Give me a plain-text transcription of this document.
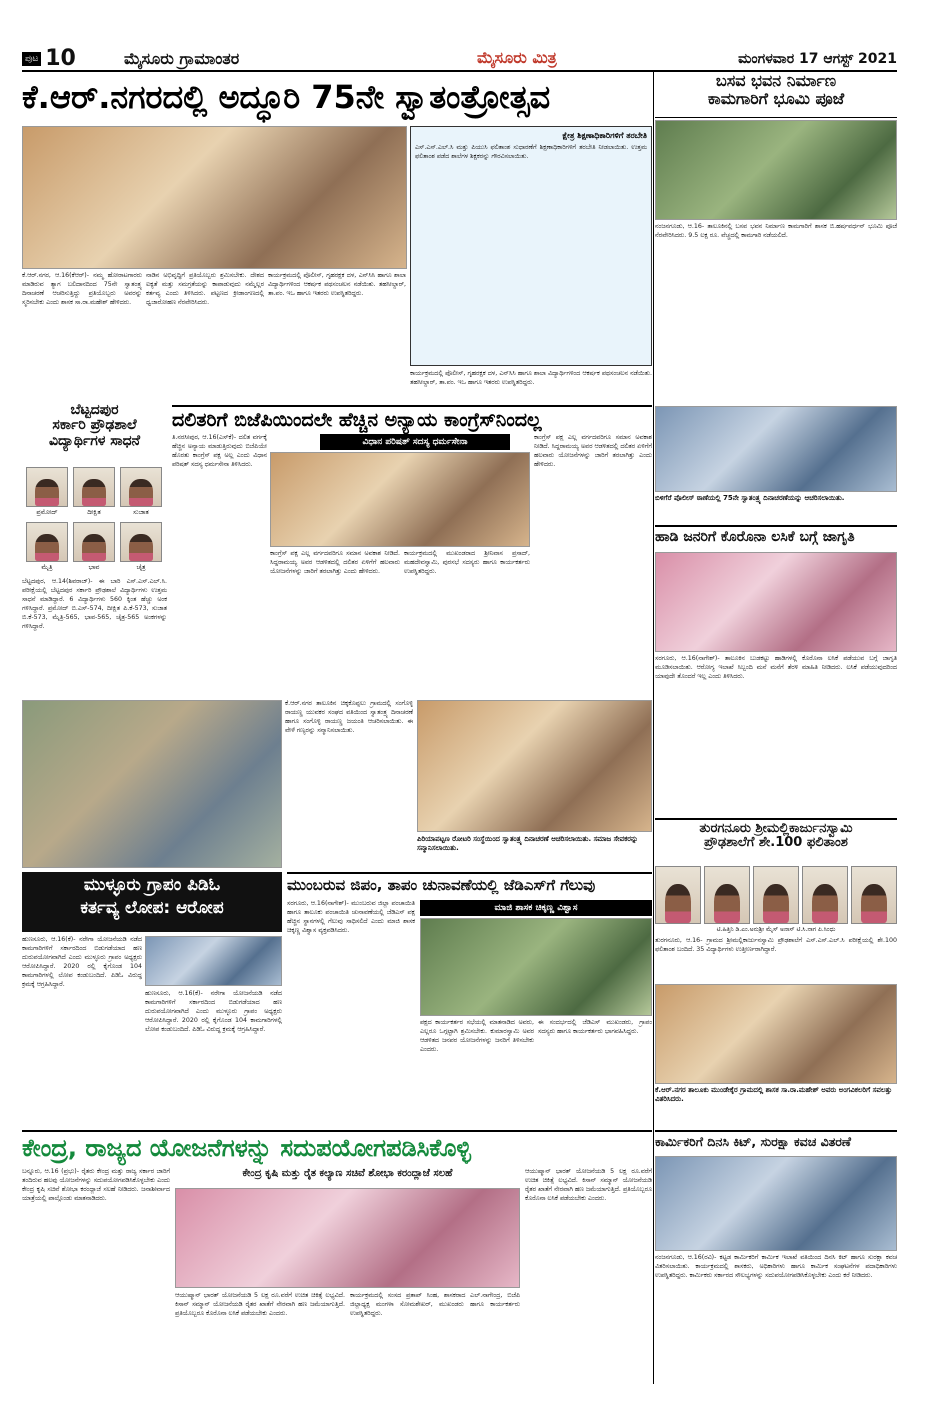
ಪುಟ 10	ಮೈಸೂರು ಗ್ರಾಮಾಂತರ	ಮೈಸೂರು ಮಿತ್ರ	ಮಂಗಳವಾರ 17 ಆಗಸ್ಟ್ 2021
ಕೆ.ಆರ್.ನಗರದಲ್ಲಿ ಅದ್ಧೂರಿ 75ನೇ ಸ್ವಾತಂತ್ರೋತ್ಸವ
ಕ್ಷೇತ್ರ ಶಿಕ್ಷಣಾಧಿಕಾರಿಗಳಿಗೆ ತರಬೇತಿ
ಎಸ್.ಎಸ್.ಎಲ್.ಸಿ ಮತ್ತು ಪಿಯುಸಿ ಫಲಿತಾಂಶ ಸುಧಾರಣೆಗೆ ಶಿಕ್ಷಣಾಧಿಕಾರಿಗಳಿಗೆ ತರಬೇತಿ ನೀಡಲಾಯಿತು. ಉತ್ತಮ ಫಲಿತಾಂಶ ಪಡೆದ ಶಾಲೆಗಳ ಶಿಕ್ಷಕರನ್ನು ಗೌರವಿಸಲಾಯಿತು.
ಕೆ.ಆರ್.ನಗರ, ಆ.16(ಕೆಆರ್)- ನಮ್ಮ ಹೋರಾಟಗಾರರು ಮಾಡಿರುವ ತ್ಯಾಗ ಬಲಿದಾನದಿಂದ 75ನೇ ಸ್ವಾತಂತ್ರ್ಯ ದಿನಾಚರಣೆ ಆಚರಿಸುತ್ತಿದ್ದು ಪ್ರತಿಯೊಬ್ಬರು ಅವರನ್ನು ಸ್ಮರಿಸಬೇಕು ಎಂದು ಶಾಸಕ ಸಾ.ರಾ.ಮಹೇಶ್ ಹೇಳಿದರು.
ನಾಡಿನ ಅಭಿವೃದ್ಧಿಗೆ ಪ್ರತಿಯೊಬ್ಬರು ಶ್ರಮಿಸಬೇಕು. ದೇಶದ ಐಕ್ಯತೆ ಮತ್ತು ಸಮಗ್ರತೆಯನ್ನು ಕಾಪಾಡುವುದು ನಮ್ಮೆಲ್ಲರ ಕರ್ತವ್ಯ ಎಂದು ತಿಳಿಸಿದರು. ಪಟ್ಟಣದ ಕ್ರೀಡಾಂಗಣದಲ್ಲಿ ಧ್ವಜಾರೋಹಣ ನೆರವೇರಿಸಿದರು.
ಕಾರ್ಯಕ್ರಮದಲ್ಲಿ ಪೊಲೀಸ್, ಗೃಹರಕ್ಷಕ ದಳ, ಎನ್‌ಸಿಸಿ ಹಾಗೂ ಶಾಲಾ ವಿದ್ಯಾರ್ಥಿಗಳಿಂದ ಆಕರ್ಷಕ ಪಥಸಂಚಲನ ನಡೆಯಿತು. ತಹಸೀಲ್ದಾರ್, ತಾ.ಪಂ. ಇಒ ಹಾಗೂ ಇತರರು ಉಪಸ್ಥಿತರಿದ್ದರು.
ಕಾರ್ಯಕ್ರಮದಲ್ಲಿ ಪೊಲೀಸ್, ಗೃಹರಕ್ಷಕ ದಳ, ಎನ್‌ಸಿಸಿ ಹಾಗೂ ಶಾಲಾ ವಿದ್ಯಾರ್ಥಿಗಳಿಂದ ಆಕರ್ಷಕ ಪಥಸಂಚಲನ ನಡೆಯಿತು. ತಹಸೀಲ್ದಾರ್, ತಾ.ಪಂ. ಇಒ ಹಾಗೂ ಇತರರು ಉಪಸ್ಥಿತರಿದ್ದರು.
ಬಸವ ಭವನ ನಿರ್ಮಾಣ
ಕಾಮಗಾರಿಗೆ ಭೂಮಿ ಪೂಜೆ
ನಂಜನಗೂಡು, ಆ.16- ತಾಲೂಕಿನಲ್ಲಿ ಬಸವ ಭವನ ನಿರ್ಮಾಣ ಕಾಮಗಾರಿಗೆ ಶಾಸಕ ಬಿ.ಹರ್ಷವರ್ಧನ್ ಭೂಮಿ ಪೂಜೆ ನೆರವೇರಿಸಿದರು. 9.5 ಲಕ್ಷ ರೂ. ವೆಚ್ಚದಲ್ಲಿ ಕಾಮಗಾರಿ ನಡೆಯಲಿದೆ.
ಬಿಳಿಗೆರೆ ಪೊಲೀಸ್ ಠಾಣೆಯಲ್ಲಿ 75ನೇ ಸ್ವಾತಂತ್ರ್ಯ ದಿನಾಚರಣೆಯನ್ನು ಆಚರಿಸಲಾಯಿತು.
ಬೆಟ್ಟದಪುರ
ಸರ್ಕಾರಿ ಪ್ರೌಢಶಾಲೆ
ವಿದ್ಯಾರ್ಥಿಗಳ ಸಾಧನೆ
ಪ್ರಮೋದ್	ದೀಕ್ಷಿತ	ಸುಜಾತ
ಮೈತ್ರಿ	ಭಾವ	ಚೈತ್ರ
ಬೆಟ್ಟದಪುರ, ಆ.14(ಶಿವರಾಜ್)- ಈ ಬಾರಿ ಎಸ್.ಎಸ್.ಎಲ್.ಸಿ. ಪರೀಕ್ಷೆಯಲ್ಲಿ ಬೆಟ್ಟದಪುರ ಸರ್ಕಾರಿ ಪ್ರೌಢಶಾಲೆ ವಿದ್ಯಾರ್ಥಿಗಳು ಉತ್ತಮ ಸಾಧನೆ ಮಾಡಿದ್ದಾರೆ. 6 ವಿದ್ಯಾರ್ಥಿಗಳು 560 ಕ್ಕಿಂತ ಹೆಚ್ಚು ಅಂಕ ಗಳಿಸಿದ್ದಾರೆ. ಪ್ರಮೋದ್ ಬಿ.ಎಸ್-574, ದೀಕ್ಷಿತ ಪಿ.ಕೆ-573, ಸುಜಾತ ಬಿ.ಕೆ-573, ಮೈತ್ರಿ-565, ಭಾವ-565, ಚೈತ್ರ-565 ಅಂಕಗಳನ್ನು ಗಳಿಸಿದ್ದಾರೆ.
ದಲಿತರಿಗೆ ಬಿಜೆಪಿಯಿಂದಲೇ ಹೆಚ್ಚಿನ ಅನ್ಯಾಯ ಕಾಂಗ್ರೆಸ್‌ನಿಂದಲ್ಲ
ವಿಧಾನ ಪರಿಷತ್ ಸದಸ್ಯ ಧರ್ಮಸೇನಾ
ತಿ.ನರಸೀಪುರ, ಆ.16(ಎಸ್‌ಕೆ)- ದಲಿತ ವರ್ಗಕ್ಕೆ ಹೆಚ್ಚಿನ ಅನ್ಯಾಯ ಮಾಡುತ್ತಿರುವುದು ಬಿಜೆಪಿಯೇ ಹೊರತು ಕಾಂಗ್ರೆಸ್ ಪಕ್ಷ ಅಲ್ಲ ಎಂದು ವಿಧಾನ ಪರಿಷತ್ ಸದಸ್ಯ ಧರ್ಮಸೇನಾ ತಿಳಿಸಿದರು.
ಕಾಂಗ್ರೆಸ್ ಪಕ್ಷ ಎಲ್ಲ ವರ್ಗದವರಿಗೂ ಸಮಾನ ಅವಕಾಶ ನೀಡಿದೆ. ಸಿದ್ದರಾಮಯ್ಯ ಅವರ ಆಡಳಿತದಲ್ಲಿ ದಲಿತರ ಏಳಿಗೆಗೆ ಹಲವಾರು ಯೋಜನೆಗಳನ್ನು ಜಾರಿಗೆ ತರಲಾಗಿತ್ತು ಎಂದು ಹೇಳಿದರು.
ಕಾರ್ಯಕ್ರಮದಲ್ಲಿ ಮುಖಂಡರಾದ ಶ್ರೀನಿವಾಸ ಪ್ರಸಾದ್, ಮಹದೇವಸ್ವಾಮಿ, ಪುರಸಭೆ ಸದಸ್ಯರು ಹಾಗೂ ಕಾರ್ಯಕರ್ತರು ಉಪಸ್ಥಿತರಿದ್ದರು.
ಕಾಂಗ್ರೆಸ್ ಪಕ್ಷ ಎಲ್ಲ ವರ್ಗದವರಿಗೂ ಸಮಾನ ಅವಕಾಶ ನೀಡಿದೆ. ಸಿದ್ದರಾಮಯ್ಯ ಅವರ ಆಡಳಿತದಲ್ಲಿ ದಲಿತರ ಏಳಿಗೆಗೆ ಹಲವಾರು ಯೋಜನೆಗಳನ್ನು ಜಾರಿಗೆ ತರಲಾಗಿತ್ತು ಎಂದು ಹೇಳಿದರು.
ಕೆ.ಆರ್.ನಗರ ತಾಲೂಕಿನ ಚಿಕ್ಕಕೊಪ್ಪಲು ಗ್ರಾಮದಲ್ಲಿ ಸಂಗೊಳ್ಳಿ ರಾಯಣ್ಣ ಯುವಕರ ಸಂಘದ ವತಿಯಿಂದ ಸ್ವಾತಂತ್ರ್ಯ ದಿನಾಚರಣೆ ಹಾಗೂ ಸಂಗೊಳ್ಳಿ ರಾಯಣ್ಣ ಜಯಂತಿ ಆಚರಿಸಲಾಯಿತು. ಈ ವೇಳೆ ಗಣ್ಯರನ್ನು ಸನ್ಮಾನಿಸಲಾಯಿತು.
ಪಿರಿಯಾಪಟ್ಟಣ ರೋಟರಿ ಸಂಸ್ಥೆಯಿಂದ ಸ್ವಾತಂತ್ರ್ಯ ದಿನಾಚರಣೆ ಆಚರಿಸಲಾಯಿತು. ಸಮಾಜ ಸೇವಕರನ್ನು ಸನ್ಮಾನಿಸಲಾಯಿತು.
ಹಾಡಿ ಜನರಿಗೆ ಕೊರೊನಾ ಲಸಿಕೆ ಬಗ್ಗೆ ಜಾಗೃತಿ
ಸರಗೂರು, ಆ.16(ನಾಗೇಶ್)- ತಾಲೂಕಿನ ಬುಡಕಟ್ಟು ಹಾಡಿಗಳಲ್ಲಿ ಕೊರೊನಾ ಲಸಿಕೆ ಪಡೆಯುವ ಬಗ್ಗೆ ಜಾಗೃತಿ ಮೂಡಿಸಲಾಯಿತು. ಆರೋಗ್ಯ ಇಲಾಖೆ ಸಿಬ್ಬಂದಿ ಮನೆ ಮನೆಗೆ ತೆರಳಿ ಮಾಹಿತಿ ನೀಡಿದರು. ಲಸಿಕೆ ಪಡೆಯುವುದರಿಂದ ಯಾವುದೇ ತೊಂದರೆ ಇಲ್ಲ ಎಂದು ತಿಳಿಸಿದರು.
ತುರಗನೂರು ಶ್ರೀಮಲ್ಲಿಕಾರ್ಜುನಸ್ವಾಮಿ
ಪ್ರೌಢಶಾಲೆಗೆ ಶೇ.100 ಫಲಿತಾಂಶ
ಟಿ.ಹಿತ್ತಿನಿ ಡಿ.ಎಂ.ಅನುಶ್ರೀ ಮೈಸ್ ಅನಾಸ್ ಟಿ.ಸಿ.ನಾಗ ಪಿ.ಸಿಂಧು
ತುರಗನೂರು, ಆ.16- ಗ್ರಾಮದ ಶ್ರೀಮಲ್ಲಿಕಾರ್ಜುನಸ್ವಾಮಿ ಪ್ರೌಢಶಾಲೆಗೆ ಎಸ್.ಎಸ್.ಎಲ್.ಸಿ ಪರೀಕ್ಷೆಯಲ್ಲಿ ಶೇ.100 ಫಲಿತಾಂಶ ಬಂದಿದೆ. 35 ವಿದ್ಯಾರ್ಥಿಗಳು ಉತ್ತೀರ್ಣರಾಗಿದ್ದಾರೆ.
ಕೆ.ಆರ್.ನಗರ ತಾಲೂಕು ಮುಂಡೇಕ್ಕೆರ ಗ್ರಾಮದಲ್ಲಿ ಶಾಸಕ ಸಾ.ರಾ.ಮಹೇಶ್ ಅವರು ಅಂಗವಿಕಲರಿಗೆ ಸವಲತ್ತು ವಿತರಿಸಿದರು.
ಮುಳ್ಳೂರು ಗ್ರಾಪಂ ಪಿಡಿಓ
ಕರ್ತವ್ಯ ಲೋಪ: ಆರೋಪ
ಹುಣಸೂರು, ಆ.16(ಕೆ)- ನರೇಗಾ ಯೋಜನೆಯಡಿ ನಡೆದ ಕಾಮಗಾರಿಗಳಿಗೆ ಸರ್ಕಾರದಿಂದ ಬಿಡುಗಡೆಯಾದ ಹಣ ದುರುಪಯೋಗವಾಗಿದೆ ಎಂದು ಮುಳ್ಳೂರು ಗ್ರಾಪಂ ಅಧ್ಯಕ್ಷರು ಆರೋಪಿಸಿದ್ದಾರೆ. 2020 ರಲ್ಲಿ ಕೈಗೊಂಡ 104 ಕಾಮಗಾರಿಗಳಲ್ಲಿ ಲೋಪ ಕಂಡುಬಂದಿದೆ. ಪಿಡಿಓ ವಿರುದ್ಧ ಕ್ರಮಕ್ಕೆ ಆಗ್ರಹಿಸಿದ್ದಾರೆ.
ಹುಣಸೂರು, ಆ.16(ಕೆ)- ನರೇಗಾ ಯೋಜನೆಯಡಿ ನಡೆದ ಕಾಮಗಾರಿಗಳಿಗೆ ಸರ್ಕಾರದಿಂದ ಬಿಡುಗಡೆಯಾದ ಹಣ ದುರುಪಯೋಗವಾಗಿದೆ ಎಂದು ಮುಳ್ಳೂರು ಗ್ರಾಪಂ ಅಧ್ಯಕ್ಷರು ಆರೋಪಿಸಿದ್ದಾರೆ. 2020 ರಲ್ಲಿ ಕೈಗೊಂಡ 104 ಕಾಮಗಾರಿಗಳಲ್ಲಿ ಲೋಪ ಕಂಡುಬಂದಿದೆ. ಪಿಡಿಓ ವಿರುದ್ಧ ಕ್ರಮಕ್ಕೆ ಆಗ್ರಹಿಸಿದ್ದಾರೆ.
ಮುಂಬರುವ ಜಿಪಂ, ತಾಪಂ ಚುನಾವಣೆಯಲ್ಲಿ ಜೆಡಿಎಸ್‌ಗೆ ಗೆಲುವು
ಮಾಜಿ ಶಾಸಕ ಚಿಕ್ಕಣ್ಣ ವಿಶ್ವಾಸ
ಸರಗೂರು, ಆ.16(ನಾಗೇಶ್)- ಮುಂಬರುವ ಜಿಲ್ಲಾ ಪಂಚಾಯಿತಿ ಹಾಗೂ ತಾಲೂಕು ಪಂಚಾಯಿತಿ ಚುನಾವಣೆಯಲ್ಲಿ ಜೆಡಿಎಸ್ ಪಕ್ಷ ಹೆಚ್ಚಿನ ಸ್ಥಾನಗಳಲ್ಲಿ ಗೆಲುವು ಸಾಧಿಸಲಿದೆ ಎಂದು ಮಾಜಿ ಶಾಸಕ ಚಿಕ್ಕಣ್ಣ ವಿಶ್ವಾಸ ವ್ಯಕ್ತಪಡಿಸಿದರು.
ಪಕ್ಷದ ಕಾರ್ಯಕರ್ತರ ಸಭೆಯಲ್ಲಿ ಮಾತನಾಡಿದ ಅವರು, ಎಲ್ಲರೂ ಒಗ್ಗಟ್ಟಾಗಿ ಶ್ರಮಿಸಬೇಕು. ಕುಮಾರಸ್ವಾಮಿ ಅವರ ಆಡಳಿತದ ಜನಪರ ಯೋಜನೆಗಳನ್ನು ಜನರಿಗೆ ತಿಳಿಸಬೇಕು ಎಂದರು.
ಈ ಸಂದರ್ಭದಲ್ಲಿ ಜೆಡಿಎಸ್ ಮುಖಂಡರು, ಗ್ರಾಪಂ ಸದಸ್ಯರು ಹಾಗೂ ಕಾರ್ಯಕರ್ತರು ಭಾಗವಹಿಸಿದ್ದರು.
ಕಾರ್ಮಿಕರಿಗೆ ದಿನಸಿ ಕಿಟ್, ಸುರಕ್ಷಾ ಕವಚ ವಿತರಣೆ
ನಂಜನಗೂಡು, ಆ.16(ರವಿ)- ಕಟ್ಟಡ ಕಾರ್ಮಿಕರಿಗೆ ಕಾರ್ಮಿಕ ಇಲಾಖೆ ವತಿಯಿಂದ ದಿನಸಿ ಕಿಟ್ ಹಾಗೂ ಸುರಕ್ಷಾ ಕವಚ ವಿತರಿಸಲಾಯಿತು. ಕಾರ್ಯಕ್ರಮದಲ್ಲಿ ಶಾಸಕರು, ಅಧಿಕಾರಿಗಳು ಹಾಗೂ ಕಾರ್ಮಿಕ ಸಂಘಟನೆಗಳ ಪದಾಧಿಕಾರಿಗಳು ಉಪಸ್ಥಿತರಿದ್ದರು. ಕಾರ್ಮಿಕರು ಸರ್ಕಾರದ ಸೌಲಭ್ಯಗಳನ್ನು ಸದುಪಯೋಗಪಡಿಸಿಕೊಳ್ಳಬೇಕು ಎಂದು ಕರೆ ನೀಡಿದರು.
ಕೇಂದ್ರ, ರಾಜ್ಯದ ಯೋಜನೆಗಳನ್ನು ಸದುಪಯೋಗಪಡಿಸಿಕೊಳ್ಳಿ
ಕೇಂದ್ರ ಕೃಷಿ ಮತ್ತು ರೈತ ಕಲ್ಯಾಣ ಸಚಿವೆ ಶೋಭಾ ಕರಂದ್ಲಾಜೆ ಸಲಹೆ
ಬನ್ನೂರು, ಆ.16 (ಪ್ರಭು)- ರೈತರು ಕೇಂದ್ರ ಮತ್ತು ರಾಜ್ಯ ಸರ್ಕಾರ ಜಾರಿಗೆ ತಂದಿರುವ ಹಲವು ಯೋಜನೆಗಳನ್ನು ಸದುಪಯೋಗಪಡಿಸಿಕೊಳ್ಳಬೇಕು ಎಂದು ಕೇಂದ್ರ ಕೃಷಿ ಸಚಿವೆ ಶೋಭಾ ಕರಂದ್ಲಾಜೆ ಸಲಹೆ ನೀಡಿದರು. ಜನಾಶೀರ್ವಾದ ಯಾತ್ರೆಯಲ್ಲಿ ಪಾಲ್ಗೊಂಡು ಮಾತನಾಡಿದರು.
ಆಯುಷ್ಮಾನ್ ಭಾರತ್ ಯೋಜನೆಯಡಿ 5 ಲಕ್ಷ ರೂ.ವರೆಗೆ ಉಚಿತ ಚಿಕಿತ್ಸೆ ಲಭ್ಯವಿದೆ. ಕಿಸಾನ್ ಸಮ್ಮಾನ್ ಯೋಜನೆಯಡಿ ರೈತರ ಖಾತೆಗೆ ನೇರವಾಗಿ ಹಣ ಜಮೆಯಾಗುತ್ತಿದೆ. ಪ್ರತಿಯೊಬ್ಬರೂ ಕೊರೊನಾ ಲಸಿಕೆ ಪಡೆಯಬೇಕು ಎಂದರು.
ಕಾರ್ಯಕ್ರಮದಲ್ಲಿ ಸಂಸದ ಪ್ರತಾಪ್ ಸಿಂಹ, ಶಾಸಕರಾದ ಎಲ್.ನಾಗೇಂದ್ರ, ಬಿಜೆಪಿ ಜಿಲ್ಲಾಧ್ಯಕ್ಷ ಮಂಗಳಾ ಸೋಮಶೇಖರ್, ಮುಖಂಡರು ಹಾಗೂ ಕಾರ್ಯಕರ್ತರು ಉಪಸ್ಥಿತರಿದ್ದರು.
ಆಯುಷ್ಮಾನ್ ಭಾರತ್ ಯೋಜನೆಯಡಿ 5 ಲಕ್ಷ ರೂ.ವರೆಗೆ ಉಚಿತ ಚಿಕಿತ್ಸೆ ಲಭ್ಯವಿದೆ. ಕಿಸಾನ್ ಸಮ್ಮಾನ್ ಯೋಜನೆಯಡಿ ರೈತರ ಖಾತೆಗೆ ನೇರವಾಗಿ ಹಣ ಜಮೆಯಾಗುತ್ತಿದೆ. ಪ್ರತಿಯೊಬ್ಬರೂ ಕೊರೊನಾ ಲಸಿಕೆ ಪಡೆಯಬೇಕು ಎಂದರು.
